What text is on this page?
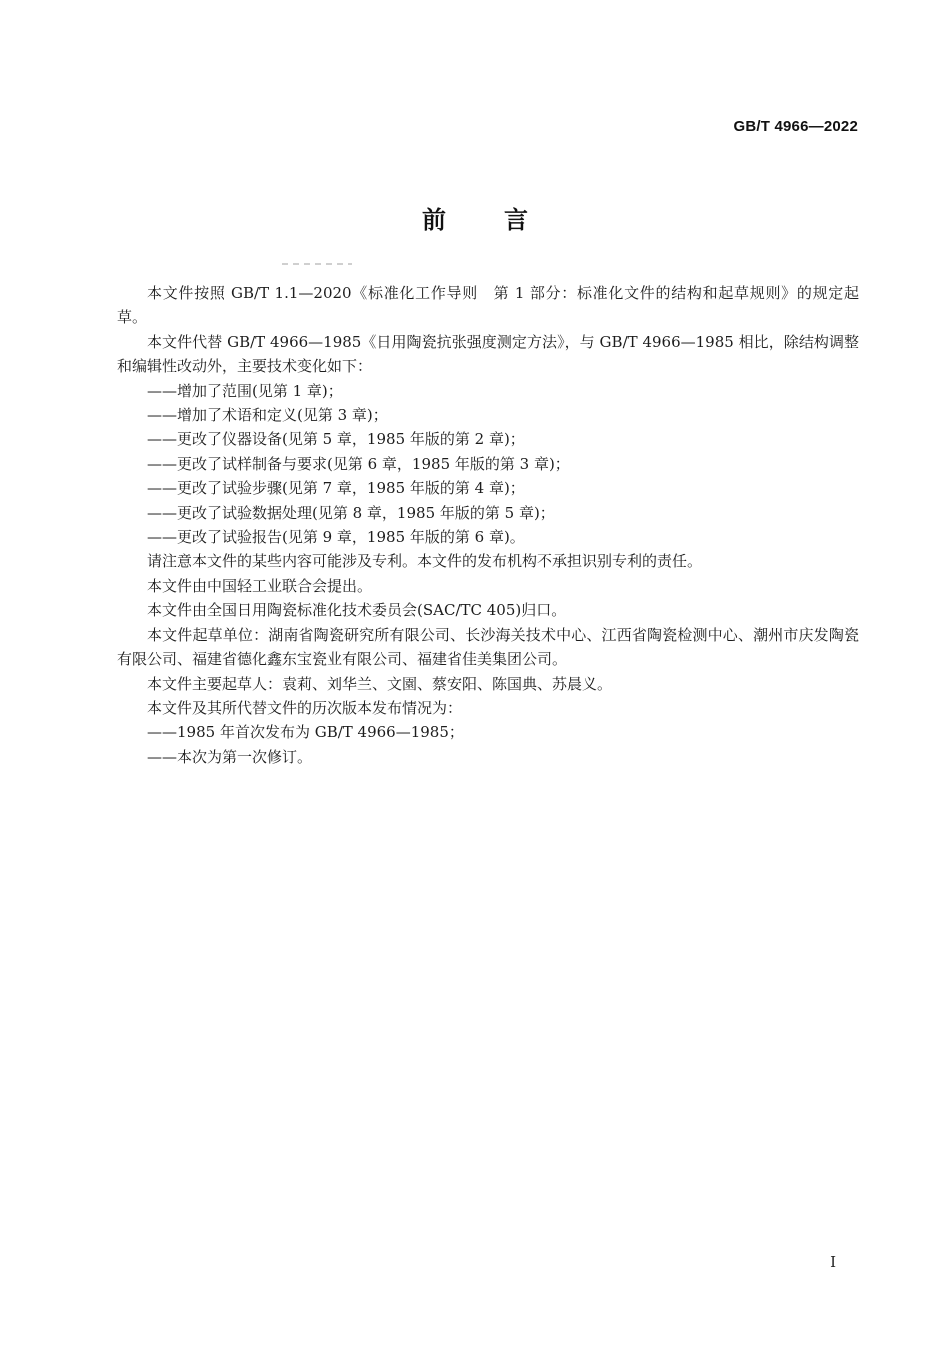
GB/T 4966—2022
前言

本文件按照 GB/T 1.1—2020《标准化工作导则　第 1 部分：标准化文件的结构和起草规则》的规定起草。

本文件代替 GB/T 4966—1985《日用陶瓷抗张强度测定方法》，与 GB/T 4966—1985 相比，除结构调整和编辑性改动外，主要技术变化如下：

——增加了范围(见第 1 章)；

——增加了术语和定义(见第 3 章)；

——更改了仪器设备(见第 5 章，1985 年版的第 2 章)；

——更改了试样制备与要求(见第 6 章，1985 年版的第 3 章)；

——更改了试验步骤(见第 7 章，1985 年版的第 4 章)；

——更改了试验数据处理(见第 8 章，1985 年版的第 5 章)；

——更改了试验报告(见第 9 章，1985 年版的第 6 章)。

请注意本文件的某些内容可能涉及专利。本文件的发布机构不承担识别专利的责任。

本文件由中国轻工业联合会提出。

本文件由全国日用陶瓷标准化技术委员会(SAC/TC 405)归口。

本文件起草单位：湖南省陶瓷研究所有限公司、长沙海关技术中心、江西省陶瓷检测中心、潮州市庆发陶瓷有限公司、福建省德化鑫东宝瓷业有限公司、福建省佳美集团公司。

本文件主要起草人：袁莉、刘华兰、文園、蔡安阳、陈国典、苏晨义。

本文件及其所代替文件的历次版本发布情况为：

——1985 年首次发布为 GB/T 4966—1985；

——本次为第一次修订。

I
